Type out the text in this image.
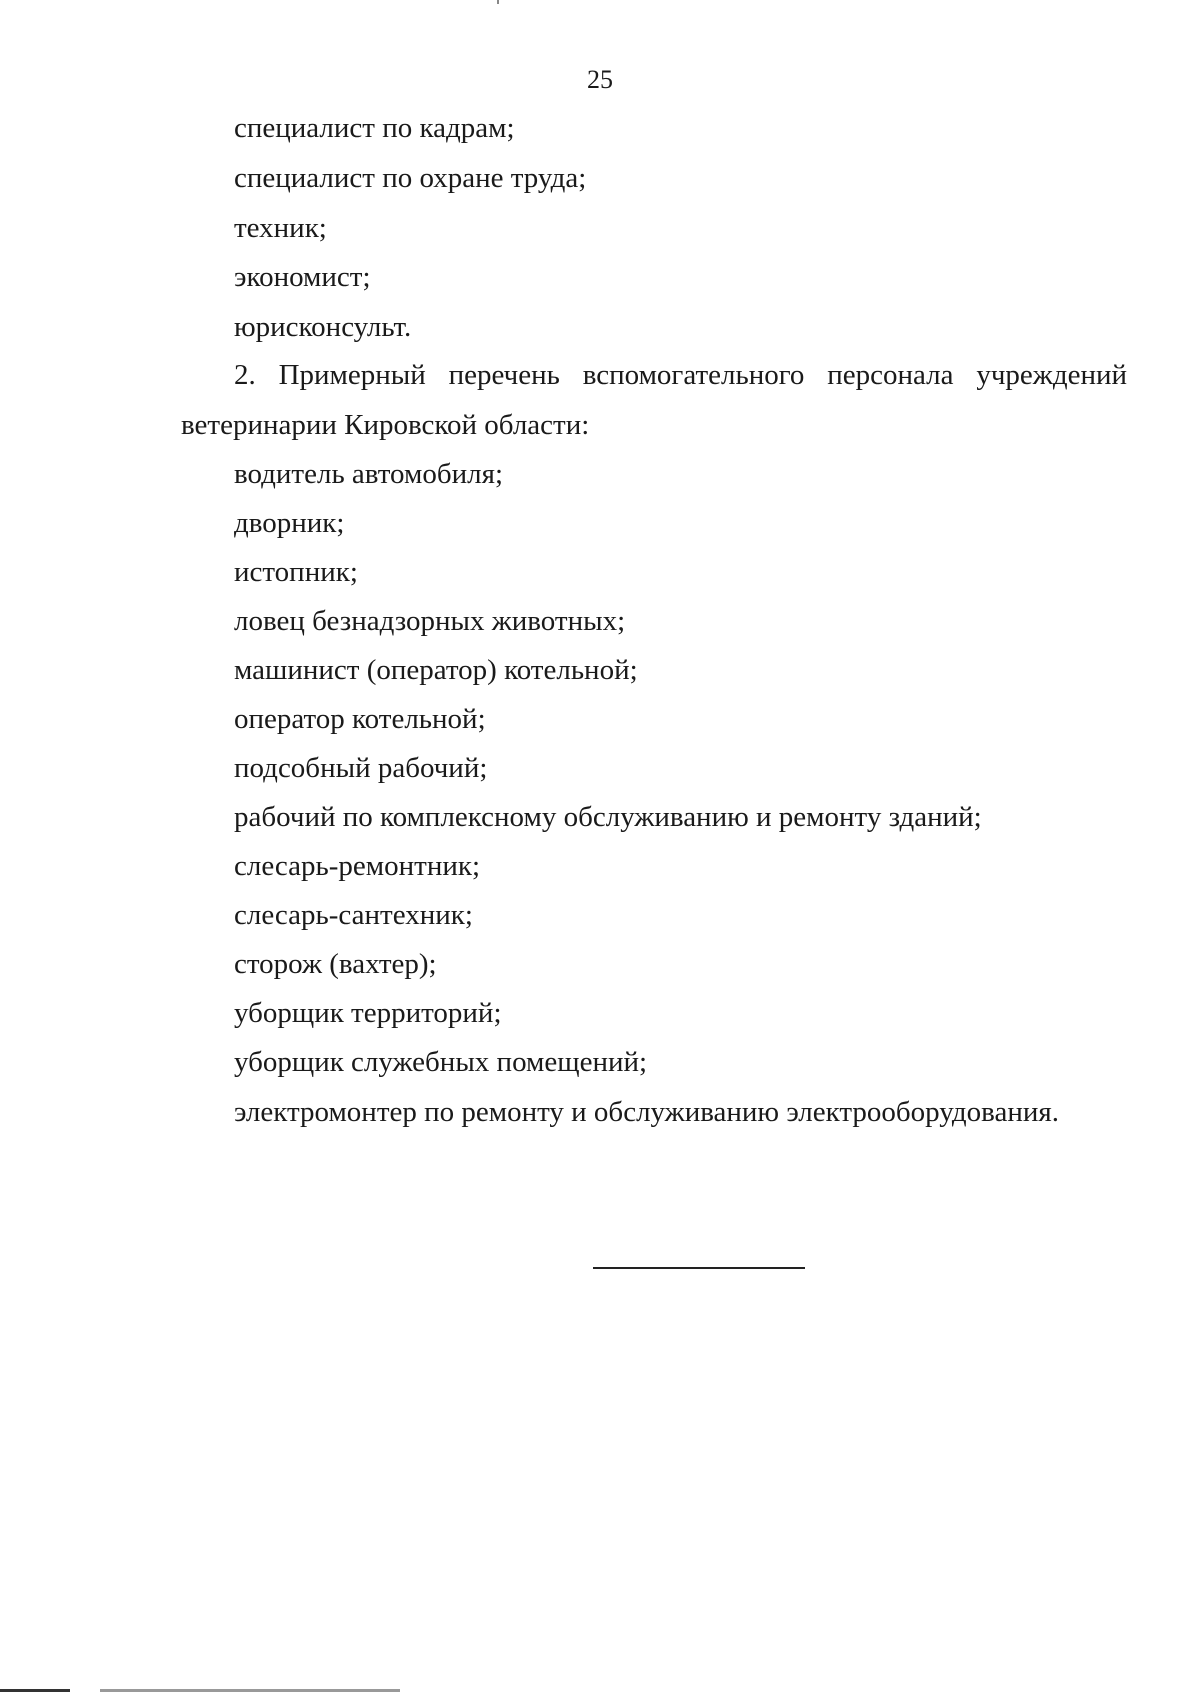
25
специалист по кадрам;
специалист по охране труда;
техник;
экономист;
юрисконсульт.
2. Примерный перечень вспомогательного персонала учреждений
ветеринарии Кировской области:
водитель автомобиля;
дворник;
истопник;
ловец безнадзорных животных;
машинист (оператор) котельной;
оператор котельной;
подсобный рабочий;
рабочий по комплексному обслуживанию и ремонту зданий;
слесарь-ремонтник;
слесарь-сантехник;
сторож (вахтер);
уборщик территорий;
уборщик служебных помещений;
электромонтер по ремонту и обслуживанию электрооборудования.
